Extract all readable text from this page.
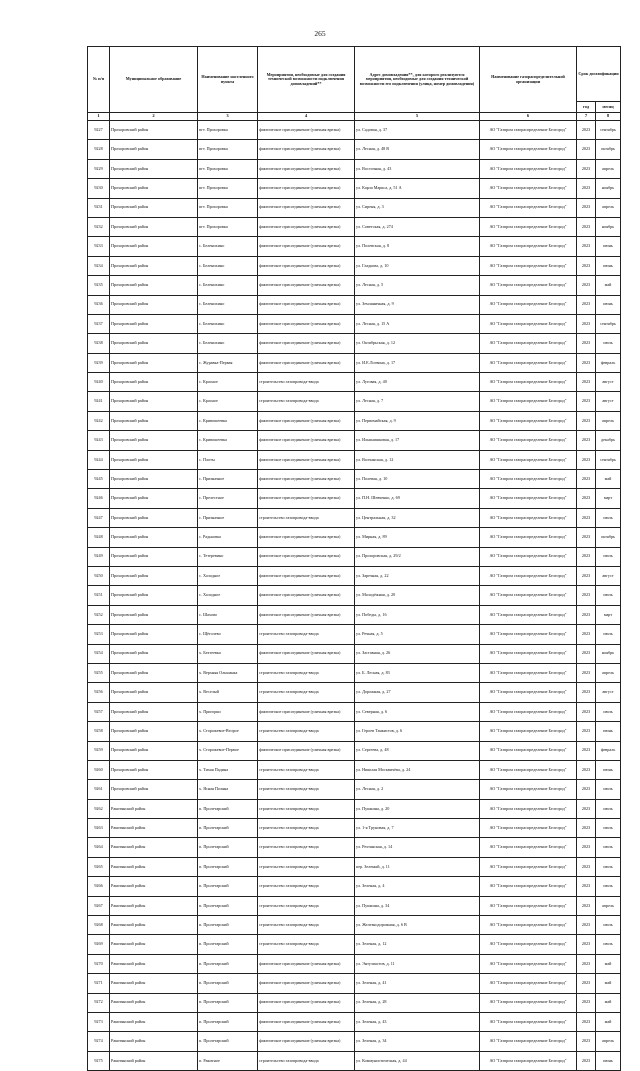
265
№ п/п	Муниципальное образование	Наименование населенного пункта	Мероприятия, необходимые для создания технической возможности подключения домовладений**	Адрес домовладения**, для которого реализуются мероприятия, необходимые для создания технической возможности его подключения (улица, номер домовладения)	Наименование газораспределительной организации	Срок догазификации	
						год	месяц
1	2	3	4	5	6	7	8
9227	Прохоровский район	пгт. Прохоровка	фактическое присоединение (уличная врезка)	ул. Садовая, д. 37	АО "Газпром газораспределение Белгород"	2023	сентябрь
9228	Прохоровский район	пгт. Прохоровка	фактическое присоединение (уличная врезка)	ул. Лесная, д. 48 В	АО "Газпром газораспределение Белгород"	2023	октябрь
9229	Прохоровский район	пгт. Прохоровка	фактическое присоединение (уличная врезка)	ул. Восточная, д. 43	АО "Газпром газораспределение Белгород"	2023	апрель
9230	Прохоровский район	пгт. Прохоровка	фактическое присоединение (уличная врезка)	ул. Карла Маркса, д. 51 А	АО "Газпром газораспределение Белгород"	2023	ноябрь
9231	Прохоровский район	пгт. Прохоровка	фактическое присоединение (уличная врезка)	ул. Сиреня, д. 3	АО "Газпром газораспределение Белгород"	2023	апрель
9232	Прохоровский район	пгт. Прохоровка	фактическое присоединение (уличная врезка)	ул. Советская, д. 274	АО "Газпром газораспределение Белгород"	2023	ноябрь
9233	Прохоровский район	с. Беленихино	фактическое присоединение (уличная врезка)	ул. Полевская, д. 8	АО "Газпром газораспределение Белгород"	2023	июнь
9234	Прохоровский район	с. Беленихино	фактическое присоединение (уличная врезка)	ул. Гладкова, д. 10	АО "Газпром газораспределение Белгород"	2023	июнь
9235	Прохоровский район	с. Беленихино	фактическое присоединение (уличная врезка)	ул. Лесная, д. 5	АО "Газпром газораспределение Белгород"	2023	май
9236	Прохоровский район	с. Беленихино	фактическое присоединение (уличная врезка)	ул. Земляничная, д. 9	АО "Газпром газораспределение Белгород"	2023	июнь
9237	Прохоровский район	с. Беленихино	фактическое присоединение (уличная врезка)	ул. Лесная, д. 15 А	АО "Газпром газораспределение Белгород"	2023	сентябрь
9238	Прохоровский район	с. Беленихино	фактическое присоединение (уличная врезка)	ул. Октябрьская, д. 12	АО "Газпром газораспределение Белгород"	2023	июль
9239	Прохоровский район	с. Журавка-Первая	фактическое присоединение (уличная врезка)	ул. И.Е.Логвина, д. 17	АО "Газпром газораспределение Белгород"	2023	февраль
9240	Прохоровский район	с. Красное	строительство газопровода-ввода	ул. Луговая, д. 40	АО "Газпром газораспределение Белгород"	2023	август
9241	Прохоровский район	с. Красное	строительство газопровода-ввода	ул. Лесная, д. 7	АО "Газпром газораспределение Белгород"	2023	август
9242	Прохоровский район	с. Кривошеевка	фактическое присоединение (уличная врезка)	ул. Первомайская, д. 9	АО "Газпром газораспределение Белгород"	2023	апрель
9243	Прохоровский район	с. Кривошеевка	фактическое присоединение (уличная врезка)	ул. Ильинишковая, д. 17	АО "Газпром газораспределение Белгород"	2023	декабрь
9244	Прохоровский район	с. Плоты	фактическое присоединение (уличная врезка)	ул. Волчанская, д. 12	АО "Газпром газораспределение Белгород"	2023	сентябрь
9245	Прохоровский район	с. Призначное	фактическое присоединение (уличная врезка)	ул. Полевая, д. 10	АО "Газпром газораспределение Белгород"	2023	май
9246	Прохоровский район	с. Прелестное	фактическое присоединение (уличная врезка)	ул. П.Н. Шевченко, д. 69	АО "Газпром газораспределение Белгород"	2023	март
9247	Прохоровский район	с. Призначное	строительство газопровода-ввода	ул. Центральная, д. 32	АО "Газпром газораспределение Белгород"	2023	июль
9248	Прохоровский район	с. Радьковка	фактическое присоединение (уличная врезка)	ул. Мирная, д. 89	АО "Газпром газораспределение Белгород"	2023	октябрь
9249	Прохоровский район	с. Тетеревино	фактическое присоединение (уличная врезка)	ул. Прохоровская, д. 29/2	АО "Газпром газораспределение Белгород"	2023	июль
9250	Прохоровский район	с. Холодное	фактическое присоединение (уличная врезка)	ул. Заречная, д. 22	АО "Газпром газораспределение Белгород"	2023	август
9251	Прохоровский район	с. Холодное	фактическое присоединение (уличная врезка)	ул. Молодёжная, д. 20	АО "Газпром газораспределение Белгород"	2023	июль
9252	Прохоровский район	с. Шахово	фактическое присоединение (уличная врезка)	ул. Победы, д. 16	АО "Газпром газораспределение Белгород"	2023	март
9253	Прохоровский район	с. Щёголево	строительство газопровода-ввода	ул. Речная, д. 5	АО "Газпром газораспределение Белгород"	2023	июль
9254	Прохоровский район	х. Бехтеевка	фактическое присоединение (уличная врезка)	ул. Заставная, д. 26	АО "Газпром газораспределение Белгород"	2023	ноябрь
9255	Прохоровский район	х. Верхняя Ольшанка	строительство газопровода-ввода	ул. Б. Лесная, д. 83	АО "Газпром газораспределение Белгород"	2023	апрель
9256	Прохоровский район	х. Веселый	строительство газопровода-ввода	ул. Дорожная, д. 27	АО "Газпром газораспределение Белгород"	2023	август
9257	Прохоровский район	х. Пригорки	фактическое присоединение (уличная врезка)	ул. Северная, д. 6	АО "Газпром газораспределение Белгород"	2023	июль
9258	Прохоровский район	х. Сторожевое-Второе	строительство газопровода-ввода	ул. Героев Танкистов, д. 6	АО "Газпром газораспределение Белгород"	2023	июнь
9259	Прохоровский район	х. Сторожевое-Первое	фактическое присоединение (уличная врезка)	ул. Сергеева, д. 48	АО "Газпром газораспределение Белгород"	2023	февраль
9260	Прохоровский район	х. Тихая Падина	строительство газопровода-ввода	ул. Николая Москвичёва, д. 24	АО "Газпром газораспределение Белгород"	2023	июнь
9261	Прохоровский район	х. Ясная Поляна	строительство газопровода-ввода	ул. Лесная, д. 2	АО "Газпром газораспределение Белгород"	2023	июль
9262	Ракитянский район	п. Пролетарский	строительство газопровода-ввода	ул. Пушкина, д. 20	АО "Газпром газораспределение Белгород"	2023	июль
9263	Ракитянский район	п. Пролетарский	строительство газопровода-ввода	ул. 1-я Труновая, д. 7	АО "Газпром газораспределение Белгород"	2023	июль
9264	Ракитянский район	п. Пролетарский	строительство газопровода-ввода	ул. Рехтянская, д. 14	АО "Газпром газораспределение Белгород"	2023	июль
9265	Ракитянский район	п. Пролетарский	строительство газопровода-ввода	пер. Зеленый, д. 11	АО "Газпром газораспределение Белгород"	2023	июль
9266	Ракитянский район	п. Пролетарский	строительство газопровода-ввода	ул. Зеленая, д. 4	АО "Газпром газораспределение Белгород"	2023	июль
9267	Ракитянский район	п. Пролетарский	строительство газопровода-ввода	ул. Пушкина, д. 34	АО "Газпром газораспределение Белгород"	2023	апрель
9268	Ракитянский район	п. Пролетарский	строительство газопровода-ввода	ул. Железнодорожная, д. 6 В	АО "Газпром газораспределение Белгород"	2023	июль
9269	Ракитянский район	п. Пролетарский	строительство газопровода-ввода	ул. Зеленая, д. 12	АО "Газпром газораспределение Белгород"	2023	июль
9270	Ракитянский район	п. Пролетарский	фактическое присоединение (уличная врезка)	ул. Энтузиастов, д. 11	АО "Газпром газораспределение Белгород"	2023	май
9271	Ракитянский район	п. Пролетарский	фактическое присоединение (уличная врезка)	ул. Зеленая, д. 41	АО "Газпром газораспределение Белгород"	2023	май
9272	Ракитянский район	п. Пролетарский	фактическое присоединение (уличная врезка)	ул. Зеленая, д. 28	АО "Газпром газораспределение Белгород"	2023	май
9273	Ракитянский район	п. Пролетарский	фактическое присоединение (уличная врезка)	ул. Зеленая, д. 43	АО "Газпром газораспределение Белгород"	2023	май
9274	Ракитянский район	п. Пролетарский	фактическое присоединение (уличная врезка)	ул. Зеленая, д. 34	АО "Газпром газораспределение Белгород"	2023	апрель
9275	Ракитянский район	п. Ракитное	строительство газопровода-ввода	ул. Коммунистическая, д. 44	АО "Газпром газораспределение Белгород"	2023	июнь
